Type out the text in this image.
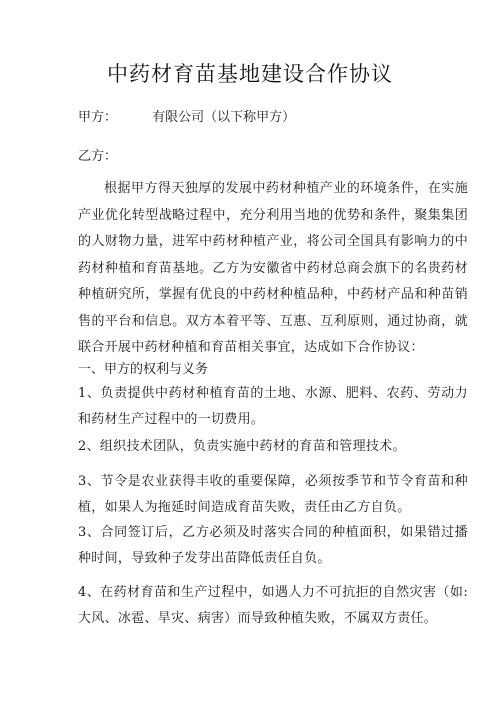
中药材育苗基地建设合作协议
甲方：	有限公司（以下称甲方）
乙方：

根据甲方得天独厚的发展中药材种植产业的环境条件，在实施产业优化转型战略过程中，充分利用当地的优势和条件，聚集集团的人财物力量，进军中药材种植产业，将公司全国具有影响力的中药材种植和育苗基地。乙方为安徽省中药材总商会旗下的名贵药材种植研究所，掌握有优良的中药材种植品种，中药材产品和种苗销售的平台和信息。双方本着平等、互惠、互利原则，通过协商，就联合开展中药材种植和育苗相关事宜，达成如下合作协议：

一、甲方的权利与义务

1、负责提供中药材种植育苗的土地、水源、肥料、农药、劳动力和药材生产过程中的一切费用。

2、组织技术团队，负责实施中药材的育苗和管理技术。

3、节令是农业获得丰收的重要保障，必须按季节和节令育苗和种植，如果人为拖延时间造成育苗失败，责任由乙方自负。

3、合同签订后，乙方必须及时落实合同的种植面积，如果错过播种时间，导致种子发芽出苗降低责任自负。

4、在药材育苗和生产过程中，如遇人力不可抗拒的自然灾害（如:大风、冰雹、旱灾、病害）而导致种植失败，不属双方责任。
